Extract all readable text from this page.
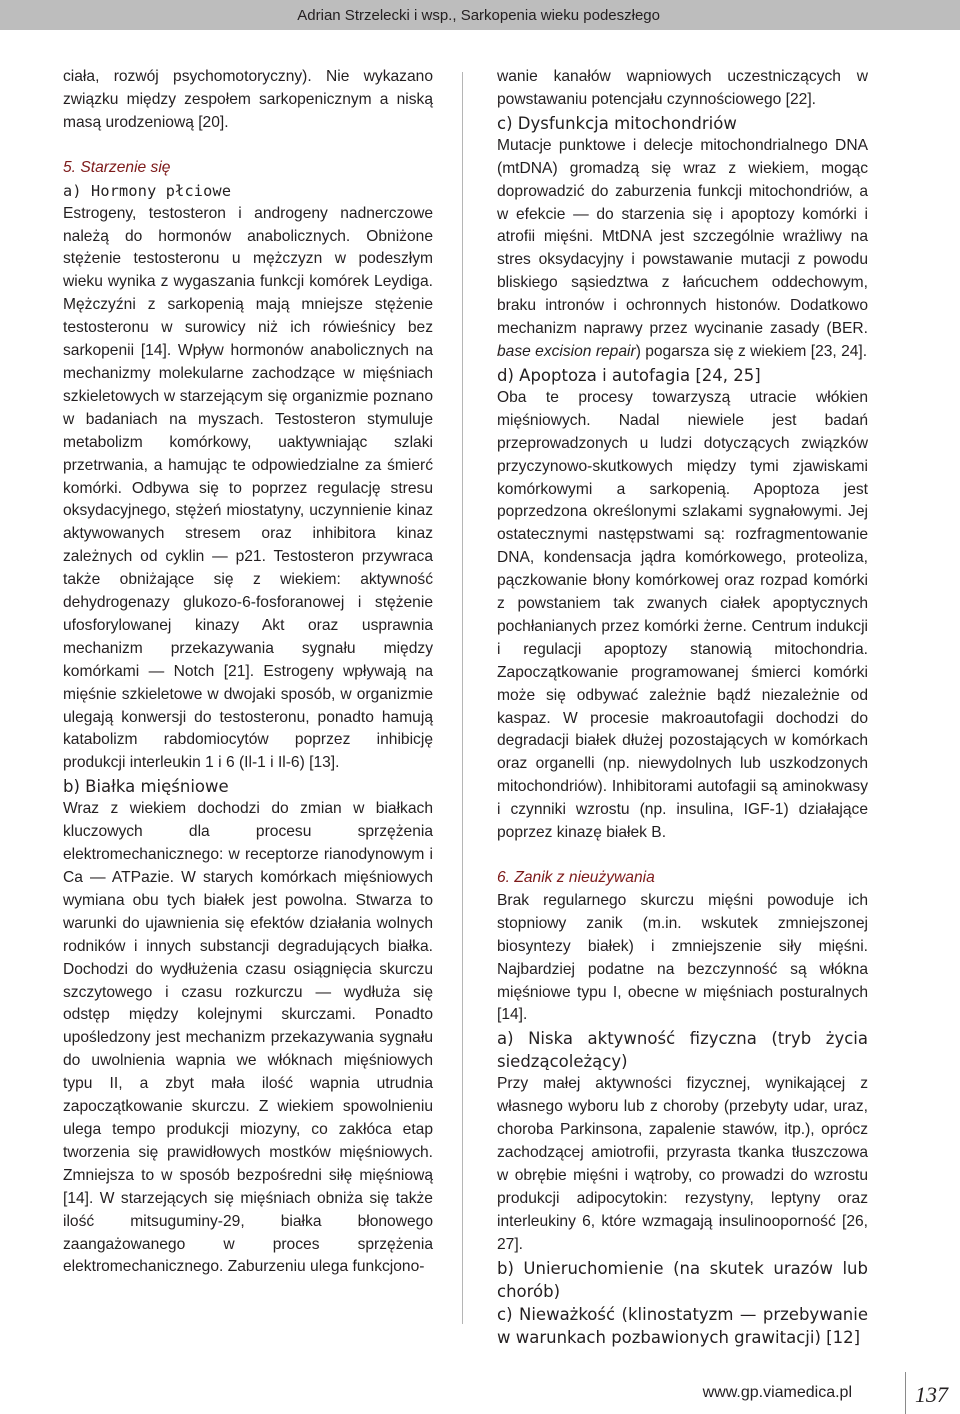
Adrian Strzelecki i wsp., Sarkopenia wieku podeszłego

ciała, rozwój psychomotoryczny). Nie wykazano związku między zespołem sarkopenicznym a niską masą urodzeniową [20].

5. Starzenie się

a) Hormony płciowe

Estrogeny, testosteron i androgeny nadnerczowe należą do hormonów anabolicznych. Obniżone stężenie testosteronu u mężczyzn w podeszłym wieku wynika z wygaszania funkcji komórek Leydiga. Mężczyźni z sarkopenią mają mniejsze stężenie testosteronu w surowicy niż ich rówieśnicy bez sarkopenii [14]. Wpływ hormonów anabolicznych na mechanizmy molekularne zachodzące w mięśniach szkieletowych w starzejącym się organizmie poznano w badaniach na myszach. Testosteron stymuluje metabolizm komórkowy, uaktywniając szlaki przetrwania, a hamując te odpowiedzialne za śmierć komórki. Odbywa się to poprzez regulację stresu oksydacyjnego, stężeń miostatyny, uczynnienie kinaz aktywowanych stresem oraz inhibitora kinaz zależnych od cyklin — p21. Testosteron przywraca także obniżające się z wiekiem: aktywność dehydrogenazy glukozo-6-fosforanowej i stężenie ufosforylowanej kinazy Akt oraz usprawnia mechanizm przekazywania sygnału między komórkami — Notch [21]. Estrogeny wpływają na mięśnie szkieletowe w dwojaki sposób, w organizmie ulegają konwersji do testosteronu, ponadto hamują katabolizm rabdomiocytów poprzez inhibicję produkcji interleukin 1 i 6 (Il-1 i Il-6) [13].

b) Białka mięśniowe

Wraz z wiekiem dochodzi do zmian w białkach kluczowych dla procesu sprzężenia elektromechanicznego: w receptorze rianodynowym i Ca — ATPazie. W starych komórkach mięśniowych wymiana obu tych białek jest powolna. Stwarza to warunki do ujawnienia się efektów działania wolnych rodników i innych substancji degradujących białka. Dochodzi do wydłużenia czasu osiągnięcia skurczu szczytowego i czasu rozkurczu — wydłuża się odstęp między kolejnymi skurczami. Ponadto upośledzony jest mechanizm przekazywania sygnału do uwolnienia wapnia we włóknach mięśniowych typu II, a zbyt mała ilość wapnia utrudnia zapoczątkowanie skurczu. Z wiekiem spowolnieniu ulega tempo produkcji miozyny, co zakłóca etap tworzenia się prawidłowych mostków mięśniowych. Zmniejsza to w sposób bezpośredni siłę mięśniową [14]. W starzejących się mięśniach obniża się także ilość mitsuguminy-29, białka błonowego zaangażowanego w proces sprzężenia elektromechanicznego. Zaburzeniu ulega funkcjono-

wanie kanałów wapniowych uczestniczących w powstawaniu potencjału czynnościowego [22].

c) Dysfunkcja mitochondriów

Mutacje punktowe i delecje mitochondrialnego DNA (mtDNA) gromadzą się wraz z wiekiem, mogąc doprowadzić do zaburzenia funkcji mitochondriów, a w efekcie — do starzenia się i apoptozy komórki i atrofii mięśni. MtDNA jest szczególnie wrażliwy na stres oksydacyjny i powstawanie mutacji z powodu bliskiego sąsiedztwa z łańcuchem oddechowym, braku intronów i ochronnych histonów. Dodatkowo mechanizm naprawy przez wycinanie zasady (BER. base excision repair) pogarsza się z wiekiem [23, 24].

d) Apoptoza i autofagia [24, 25]

Oba te procesy towarzyszą utracie włókien mięśniowych. Nadal niewiele jest badań przeprowadzonych u ludzi dotyczących związków przyczynowo-skutkowych między tymi zjawiskami komórkowymi a sarkopenią. Apoptoza jest poprzedzona określonymi szlakami sygnałowymi. Jej ostatecznymi następstwami są: rozfragmentowanie DNA, kondensacja jądra komórkowego, proteoliza, pączkowanie błony komórkowej oraz rozpad komórki z powstaniem tak zwanych ciałek apoptycznych pochłanianych przez komórki żerne. Centrum indukcji i regulacji apoptozy stanowią mitochondria. Zapoczątkowanie programowanej śmierci komórki może się odbywać zależnie bądź niezależnie od kaspaz. W procesie makroautofagii dochodzi do degradacji białek dłużej pozostających w komórkach oraz organelli (np. niewydolnych lub uszkodzonych mitochondriów). Inhibitorami autofagii są aminokwasy i czynniki wzrostu (np. insulina, IGF-1) działające poprzez kinazę białek B.

6. Zanik z nieużywania

Brak regularnego skurczu mięśni powoduje ich stopniowy zanik (m.in. wskutek zmniejszonej biosyntezy białek) i zmniejszenie siły mięśni. Najbardziej podatne na bezczynność są włókna mięśniowe typu I, obecne w mięśniach posturalnych [14].

a) Niska aktywność fizyczna (tryb życia siedzącoleżący)

Przy małej aktywności fizycznej, wynikającej z własnego wyboru lub z choroby (przebyty udar, uraz, choroba Parkinsona, zapalenie stawów, itp.), oprócz zachodzącej amiotrofii, przyrasta tkanka tłuszczowa w obrębie mięśni i wątroby, co prowadzi do wzrostu produkcji adipocytokin: rezystyny, leptyny oraz interleukiny 6, które wzmagają insulinooporność [26, 27].

b) Unieruchomienie (na skutek urazów lub chorób)

c) Nieważkość (klinostatyzm — przebywanie w warunkach pozbawionych grawitacji) [12]

www.gp.viamedica.pl	137
